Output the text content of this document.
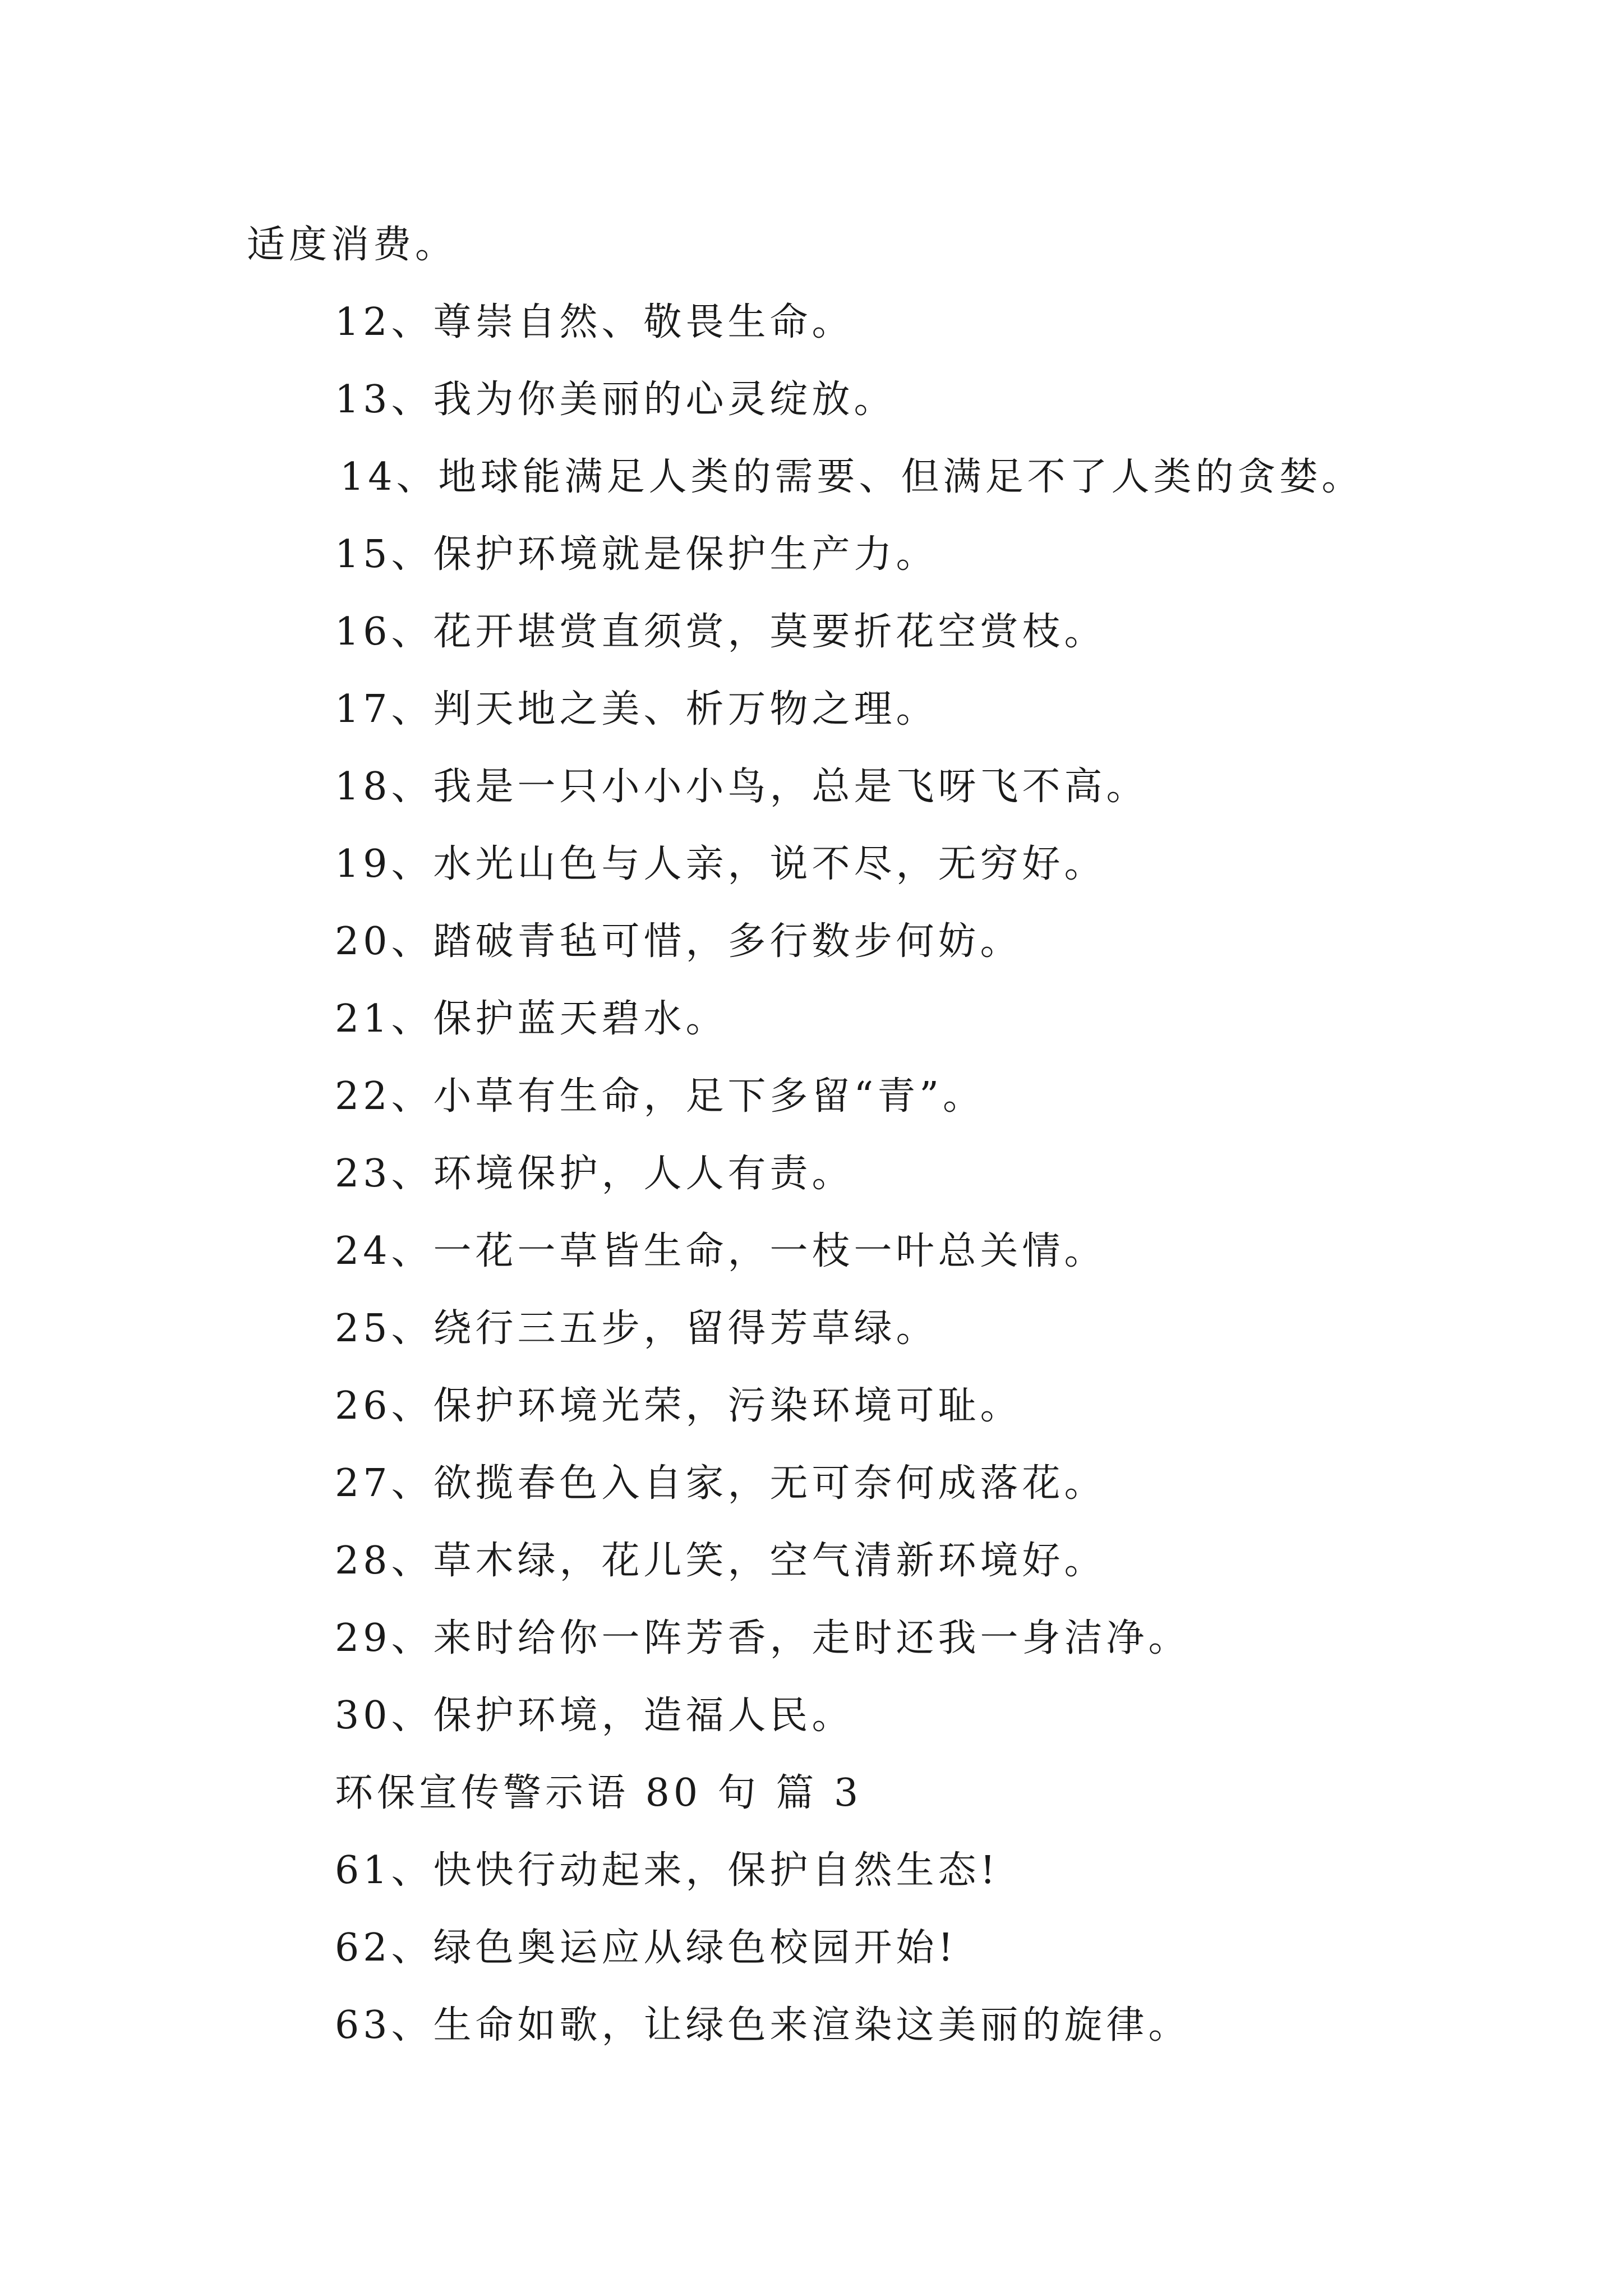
适度消费。
12、尊崇自然、敬畏生命。
13、我为你美丽的心灵绽放。
14、地球能满足人类的需要、但满足不了人类的贪婪。
15、保护环境就是保护生产力。
16、花开堪赏直须赏，莫要折花空赏枝。
17、判天地之美、析万物之理。
18、我是一只小小小鸟，总是飞呀飞不高。
19、水光山色与人亲，说不尽，无穷好。
20、踏破青毡可惜，多行数步何妨。
21、保护蓝天碧水。
22、小草有生命，足下多留“青”。
23、环境保护，人人有责。
24、一花一草皆生命，一枝一叶总关情。
25、绕行三五步，留得芳草绿。
26、保护环境光荣，污染环境可耻。
27、欲揽春色入自家，无可奈何成落花。
28、草木绿，花儿笑，空气清新环境好。
29、来时给你一阵芳香，走时还我一身洁净。
30、保护环境，造福人民。
环保宣传警示语 80 句 篇 3
61、快快行动起来，保护自然生态!
62、绿色奥运应从绿色校园开始!
63、生命如歌，让绿色来渲染这美丽的旋律。
